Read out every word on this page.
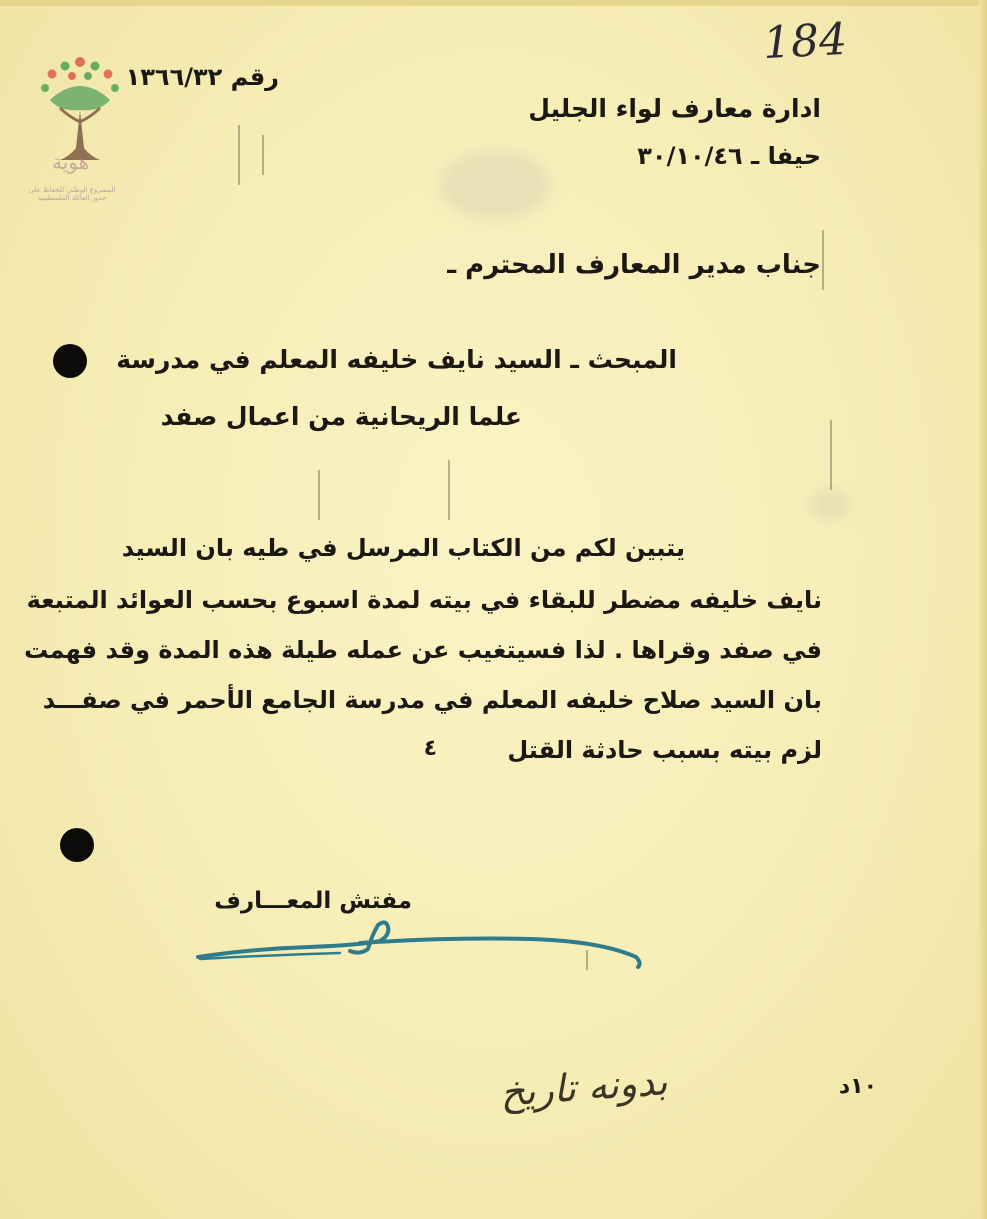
هوية
المشروع الوطني للحفاظ على جذور العائلة الفلسطينية
184
رقم ١٣٦٦/٣٢
ادارة معارف لواء الجليل
حيفا ـ ٣٠/١٠/٤٦
جناب مدير المعارف المحترم ـ
المبحث ـ السيد نايف خليفه المعلم في مدرسة
علما الريحانية من اعمال صفد
يتبين لكم من الكتاب المرسل في طيه بان السيد
نايف خليفه مضطر للبقاء في بيته لمدة اسبوع بحسب العوائد المتبعة
في صفد وقراها . لذا فسيتغيب عن عمله طيلة هذه المدة وقد فهمت
بان السيد صلاح خليفه المعلم في مدرسة الجامع الأحمر في صفـــد
لزم بيته بسبب حادثة القتل
٤
مفتش المعـــارف
١٠د
بدونه تاريخ
